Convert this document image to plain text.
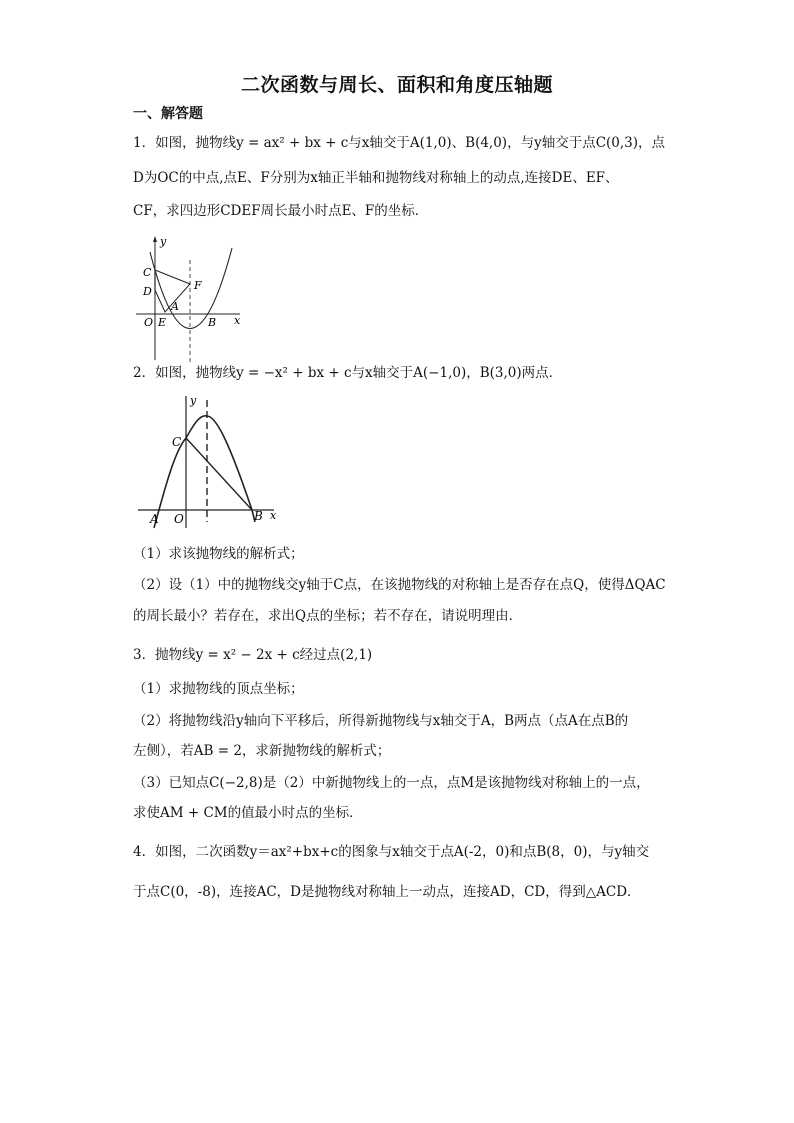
二次函数与周长、面积和角度压轴题
一、解答题
1．如图，抛物线y = ax² + bx + c与x轴交于A(1,0)、B(4,0)，与y轴交于点C(0,3)，点
D为OC的中点,点E、F分别为x轴正半轴和抛物线对称轴上的动点,连接DE、EF、
CF，求四边形CDEF周长最小时点E、F的坐标．
y
x
C
D
A
F
O E	B
2．如图，抛物线y = −x² + bx + c与x轴交于A(−1,0)，B(3,0)两点．
y
x
C
A O	B
（1）求该抛物线的解析式；
（2）设（1）中的抛物线交y轴于C点，在该抛物线的对称轴上是否存在点Q，使得ΔQAC
的周长最小？若存在，求出Q点的坐标；若不存在，请说明理由．
3．抛物线y = x² − 2x + c经过点(2,1)
（1）求抛物线的顶点坐标；
（2）将抛物线沿y轴向下平移后，所得新抛物线与x轴交于A，B两点（点A在点B的
左侧），若AB = 2，求新抛物线的解析式；
（3）已知点C(−2,8)是（2）中新抛物线上的一点，点M是该抛物线对称轴上的一点，
求使AM + CM的值最小时点的坐标．
4．如图，二次函数y＝ax²+bx+c的图象与x轴交于点A(-2，0)和点B(8，0)，与y轴交
于点C(0，-8)，连接AC，D是抛物线对称轴上一动点，连接AD，CD，得到△ACD．
